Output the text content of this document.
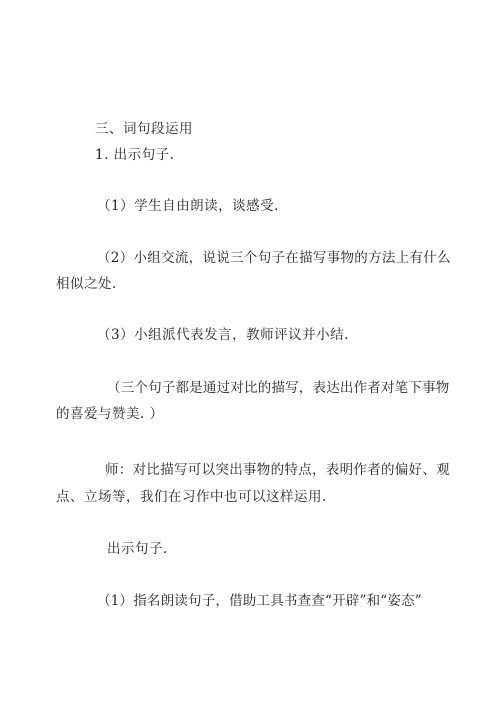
三、词句段运用
1. 出示句子.
（1）学生自由朗读，谈感受.
（2）小组交流，说说三个句子在描写事物的方法上有什么
相似之处.
（3）小组派代表发言，教师评议并小结.
（三个句子都是通过对比的描写，表达出作者对笔下事物
的喜爱与赞美. ）
师：对比描写可以突出事物的特点，表明作者的偏好、观
点、立场等，我们在习作中也可以这样运用.
出示句子.
（1）指名朗读句子，借助工具书查查“开辟”和“姿态”
